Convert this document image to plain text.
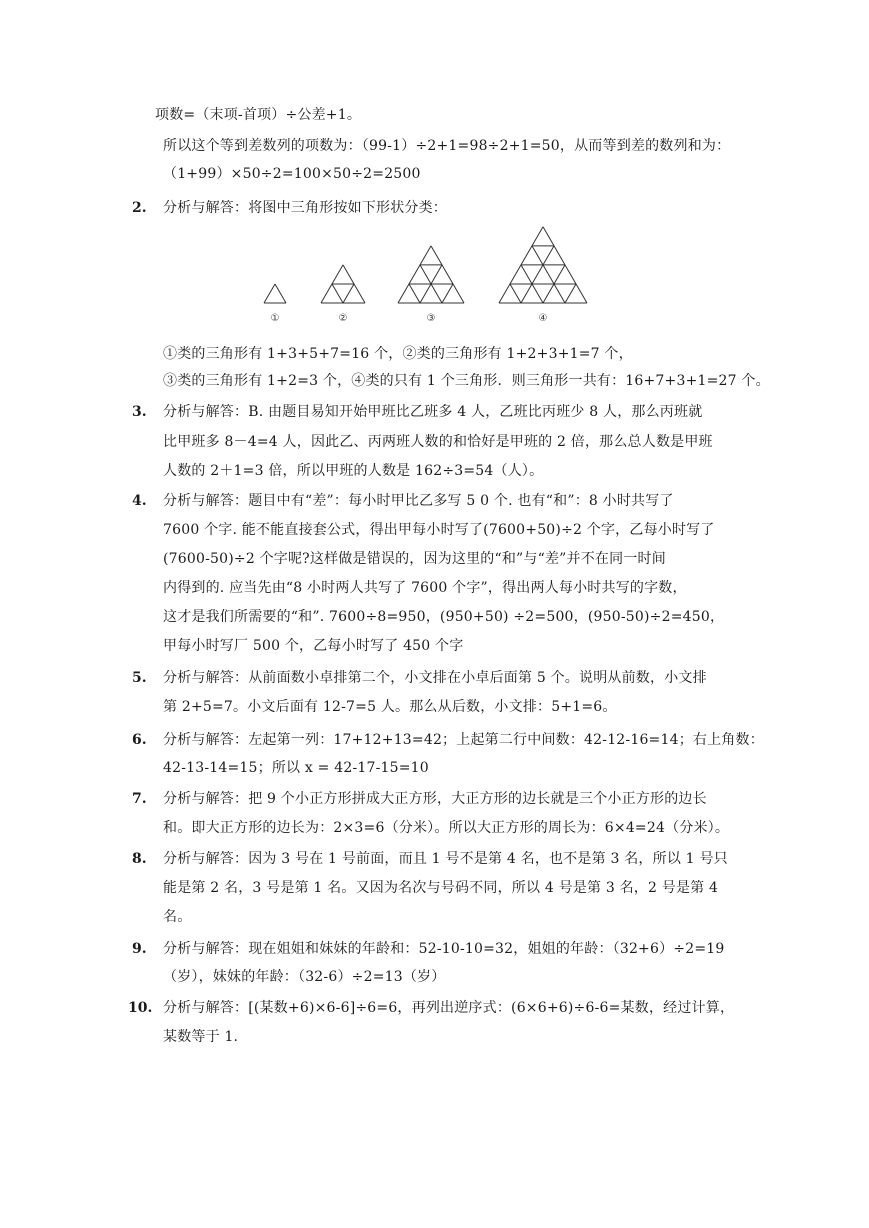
项数=（末项-首项）÷公差+1。
所以这个等到差数列的项数为：（99-1）÷2+1=98÷2+1=50，从而等到差的数列和为：
（1+99）×50÷2=100×50÷2=2500
2. 分析与解答：将图中三角形按如下形状分类：
①	②	③	④
①类的三角形有 1+3+5+7=16 个，②类的三角形有 1+2+3+1=7 个，
③类的三角形有 1+2=3 个，④类的只有 1 个三角形．则三角形一共有：16+7+3+1=27 个。
3. 分析与解答：B. 由题目易知开始甲班比乙班多 4 人，乙班比丙班少 8 人，那么丙班就
比甲班多 8－4=4 人，因此乙、丙两班人数的和恰好是甲班的 2 倍，那么总人数是甲班
人数的 2＋1=3 倍，所以甲班的人数是 162÷3=54（人）。
4. 分析与解答：题目中有“差”：每小时甲比乙多写 5 0 个. 也有“和”：8 小时共写了
7600 个字. 能不能直接套公式，得出甲每小时写了(7600+50)÷2 个字，乙每小时写了
(7600-50)÷2 个字呢?这样做是错误的，因为这里的“和”与“差”并不在同一时间
内得到的. 应当先由“8 小时两人共写了 7600 个字”，得出两人每小时共写的字数，
这才是我们所需要的“和”. 7600÷8=950，(950+50) ÷2=500，(950-50)÷2=450，
甲每小时写厂 500 个，乙每小时写了 450 个字
5. 分析与解答：从前面数小卓排第二个，小文排在小卓后面第 5 个。说明从前数，小文排
第 2+5=7。小文后面有 12-7=5 人。那么从后数，小文排：5+1=6。
6. 分析与解答：左起第一列：17+12+13=42；上起第二行中间数：42-12-16=14；右上角数：
42-13-14=15；所以 x = 42-17-15=10
7. 分析与解答：把 9 个小正方形拼成大正方形，大正方形的边长就是三个小正方形的边长
和。即大正方形的边长为：2×3=6（分米）。所以大正方形的周长为：6×4=24（分米）。
8. 分析与解答：因为 3 号在 1 号前面，而且 1 号不是第 4 名，也不是第 3 名，所以 1 号只
能是第 2 名，3 号是第 1 名。又因为名次与号码不同，所以 4 号是第 3 名，2 号是第 4
名。
9. 分析与解答：现在姐姐和妹妹的年龄和：52-10-10=32，姐姐的年龄：（32+6）÷2=19
（岁），妹妹的年龄：（32-6）÷2=13（岁）
10. 分析与解答：[(某数+6)×6-6]÷6=6，再列出逆序式：(6×6+6)÷6-6=某数，经过计算，
某数等于 1.
